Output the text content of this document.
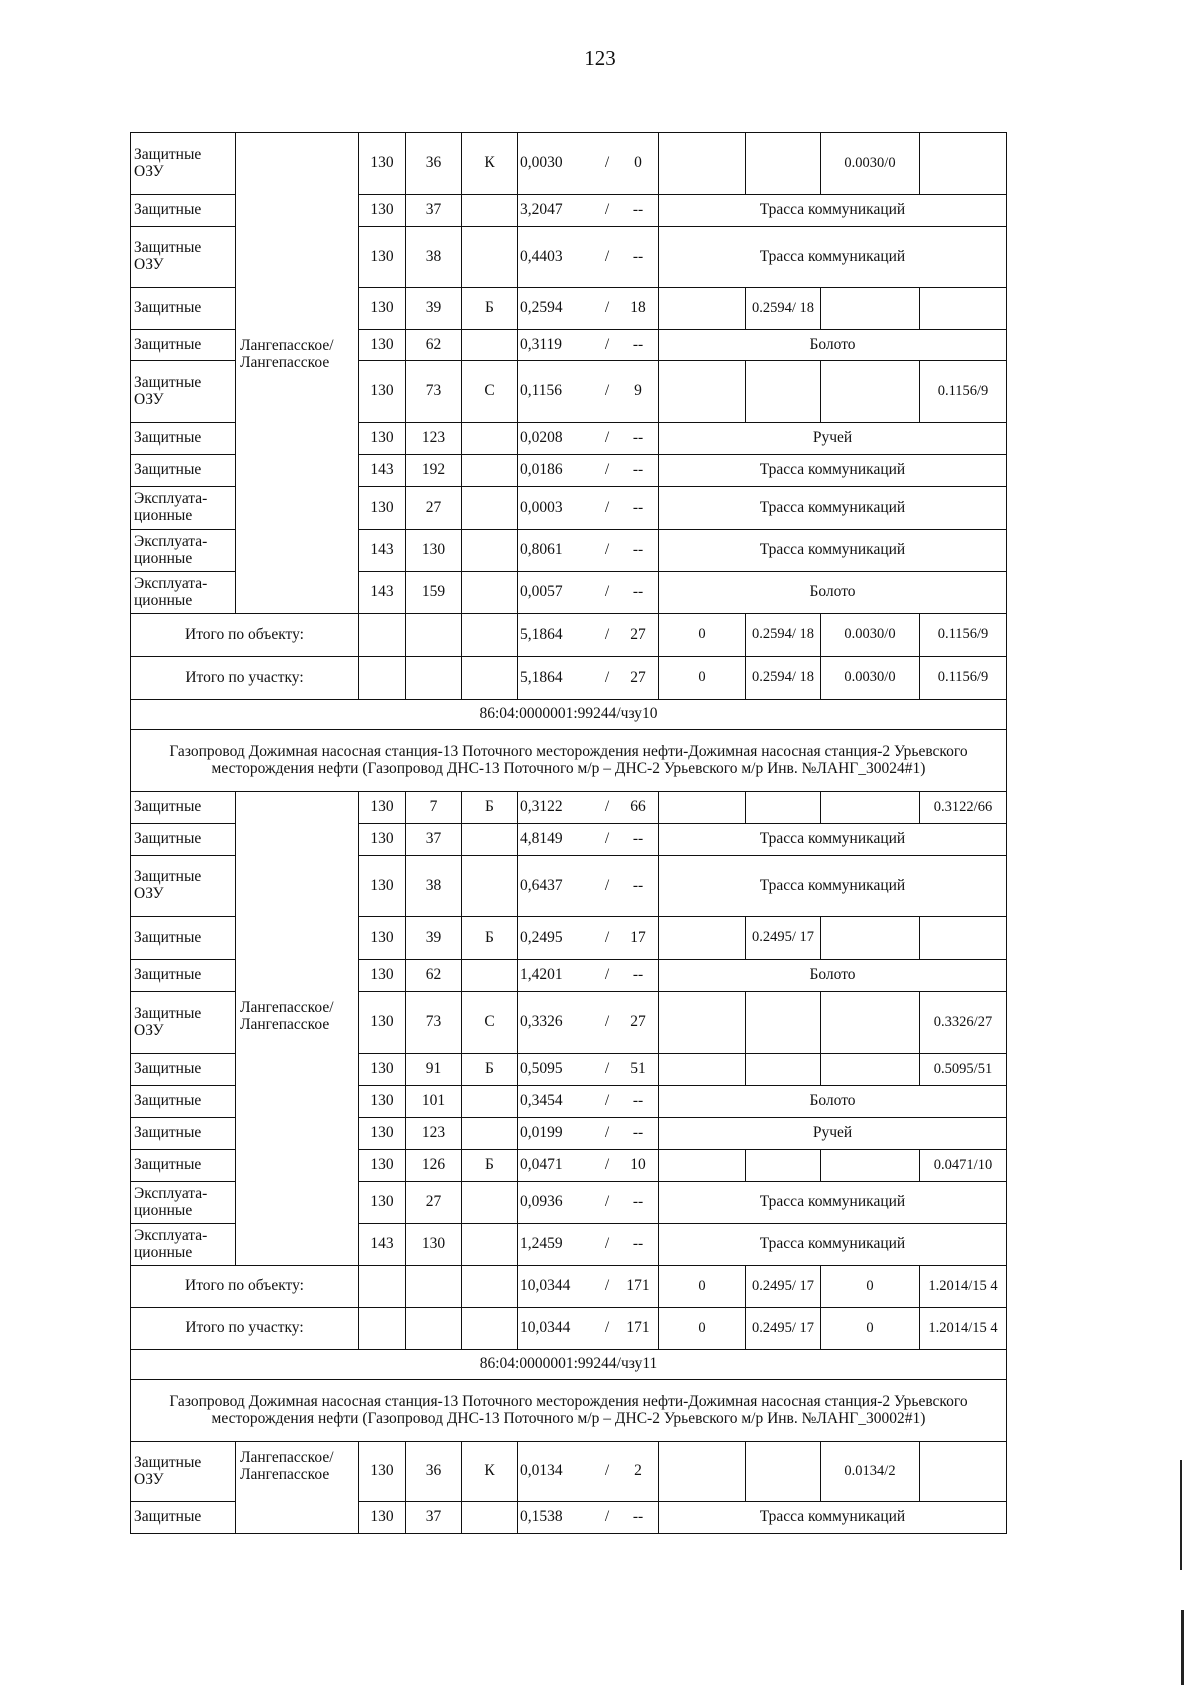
123
Защитные ОЗУ	Лангепасское/ Лангепасское	130	36	К	0,0030 / 0			0.0030/0	
Защитные		130	37		3,2047 / --	Трасса коммуникаций			
Защитные ОЗУ		130	38		0,4403 / --	Трасса коммуникаций			
Защитные		130	39	Б	0,2594 / 18		0.2594/ 18		
Защитные		130	62		0,3119 / --	Болото			
Защитные ОЗУ		130	73	С	0,1156 / 9				0.1156/9
Защитные		130	123		0,0208 / --	Ручей			
Защитные		143	192		0,0186 / --	Трасса коммуникаций			
Эксплуата-ционные		130	27		0,0003 / --	Трасса коммуникаций			
Эксплуата-ционные		143	130		0,8061 / --	Трасса коммуникаций			
Эксплуата-ционные		143	159		0,0057 / --	Болото			
Итого по объекту:					5,1864 / 27	0	0.2594/ 18	0.0030/0	0.1156/9
Итого по участку:					5,1864 / 27	0	0.2594/ 18	0.0030/0	0.1156/9
86:04:0000001:99244/чзу10									
Газопровод Дожимная насосная станция-13 Поточного месторождения нефти-Дожимная насосная станция-2 Урьевского месторождения нефти (Газопровод ДНС-13 Поточного м/р – ДНС-2 Урьевского м/р Инв. №ЛАНГ_30024#1)									
Защитные	Лангепасское/ Лангепасское	130	7	Б	0,3122 / 66				0.3122/66
Защитные		130	37		4,8149 / --	Трасса коммуникаций			
Защитные ОЗУ		130	38		0,6437 / --	Трасса коммуникаций			
Защитные		130	39	Б	0,2495 / 17		0.2495/ 17		
Защитные		130	62		1,4201 / --	Болото			
Защитные ОЗУ		130	73	С	0,3326 / 27				0.3326/27
Защитные		130	91	Б	0,5095 / 51				0.5095/51
Защитные		130	101		0,3454 / --	Болото			
Защитные		130	123		0,0199 / --	Ручей			
Защитные		130	126	Б	0,0471 / 10				0.0471/10
Эксплуата-ционные		130	27		0,0936 / --	Трасса коммуникаций			
Эксплуата-ционные		143	130		1,2459 / --	Трасса коммуникаций			
Итого по объекту:					10,0344 / 171	0	0.2495/ 17	0	1.2014/15 4
Итого по участку:					10,0344 / 171	0	0.2495/ 17	0	1.2014/15 4
86:04:0000001:99244/чзу11									
Газопровод Дожимная насосная станция-13 Поточного месторождения нефти-Дожимная насосная станция-2 Урьевского месторождения нефти (Газопровод ДНС-13 Поточного м/р – ДНС-2 Урьевского м/р Инв. №ЛАНГ_30002#1)									
Защитные ОЗУ	Лангепасское/ Лангепасское	130	36	К	0,0134 / 2			0.0134/2	
Защитные		130	37		0,1538 / --	Трасса коммуникаций			
